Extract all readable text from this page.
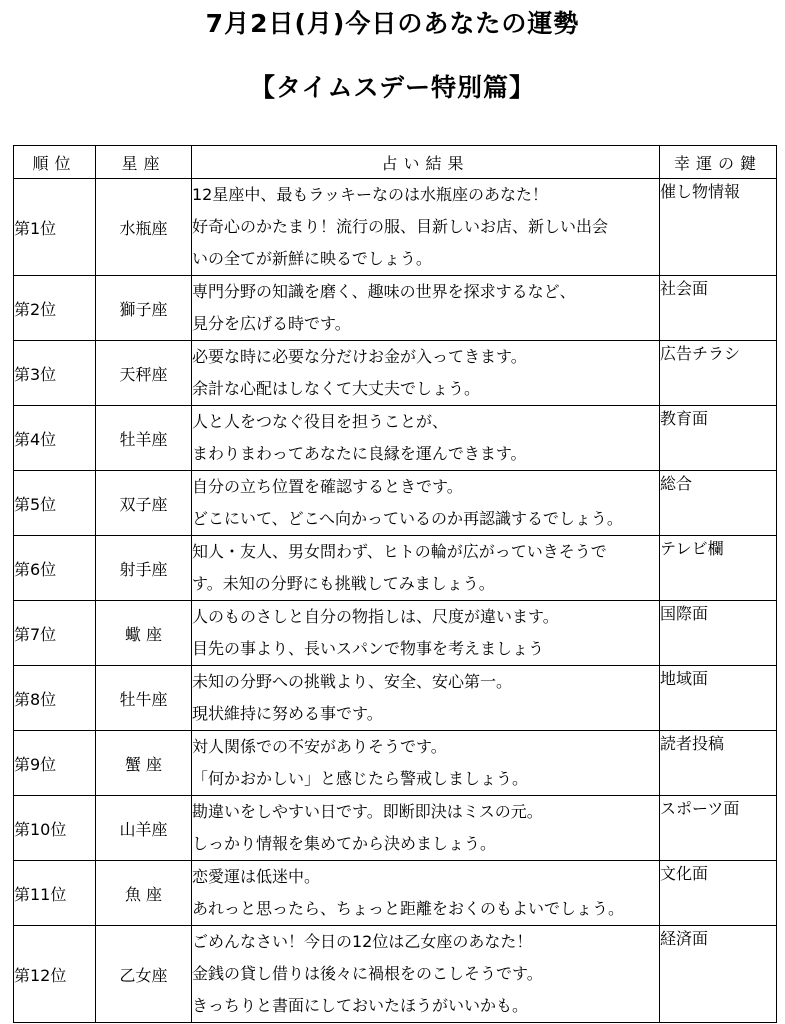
7月2日(月)今日のあなたの運勢
【タイムスデー特別篇】
順位	星座	占い結果	幸運の鍵
第1位	水瓶座	12星座中、最もラッキーなのは水瓶座のあなた！
好奇心のかたまり！流行の服、目新しいお店、新しい出会
いの全てが新鮮に映るでしょう。	催し物情報
第2位	獅子座	専門分野の知識を磨く、趣味の世界を探求するなど、
見分を広げる時です。	社会面
第3位	天秤座	必要な時に必要な分だけお金が入ってきます。
余計な心配はしなくて大丈夫でしょう。	広告チラシ
第4位	牡羊座	人と人をつなぐ役目を担うことが、
まわりまわってあなたに良縁を運んできます。	教育面
第5位	双子座	自分の立ち位置を確認するときです。
どこにいて、どこへ向かっているのか再認識するでしょう。	総合
第6位	射手座	知人・友人、男女問わず、ヒトの輪が広がっていきそうで
す。未知の分野にも挑戦してみましょう。	テレビ欄
第7位	蠍 座	人のものさしと自分の物指しは、尺度が違います。
目先の事より、長いスパンで物事を考えましょう	国際面
第8位	牡牛座	未知の分野への挑戦より、安全、安心第一。
現状維持に努める事です。	地域面
第9位	蟹 座	対人関係での不安がありそうです。
「何かおかしい」と感じたら警戒しましょう。	読者投稿
第10位	山羊座	勘違いをしやすい日です。即断即決はミスの元。
しっかり情報を集めてから決めましょう。	スポーツ面
第11位	魚 座	恋愛運は低迷中。
あれっと思ったら、ちょっと距離をおくのもよいでしょう。	文化面
第12位	乙女座	ごめんなさい！今日の12位は乙女座のあなた！
金銭の貸し借りは後々に禍根をのこしそうです。
きっちりと書面にしておいたほうがいいかも。	経済面
